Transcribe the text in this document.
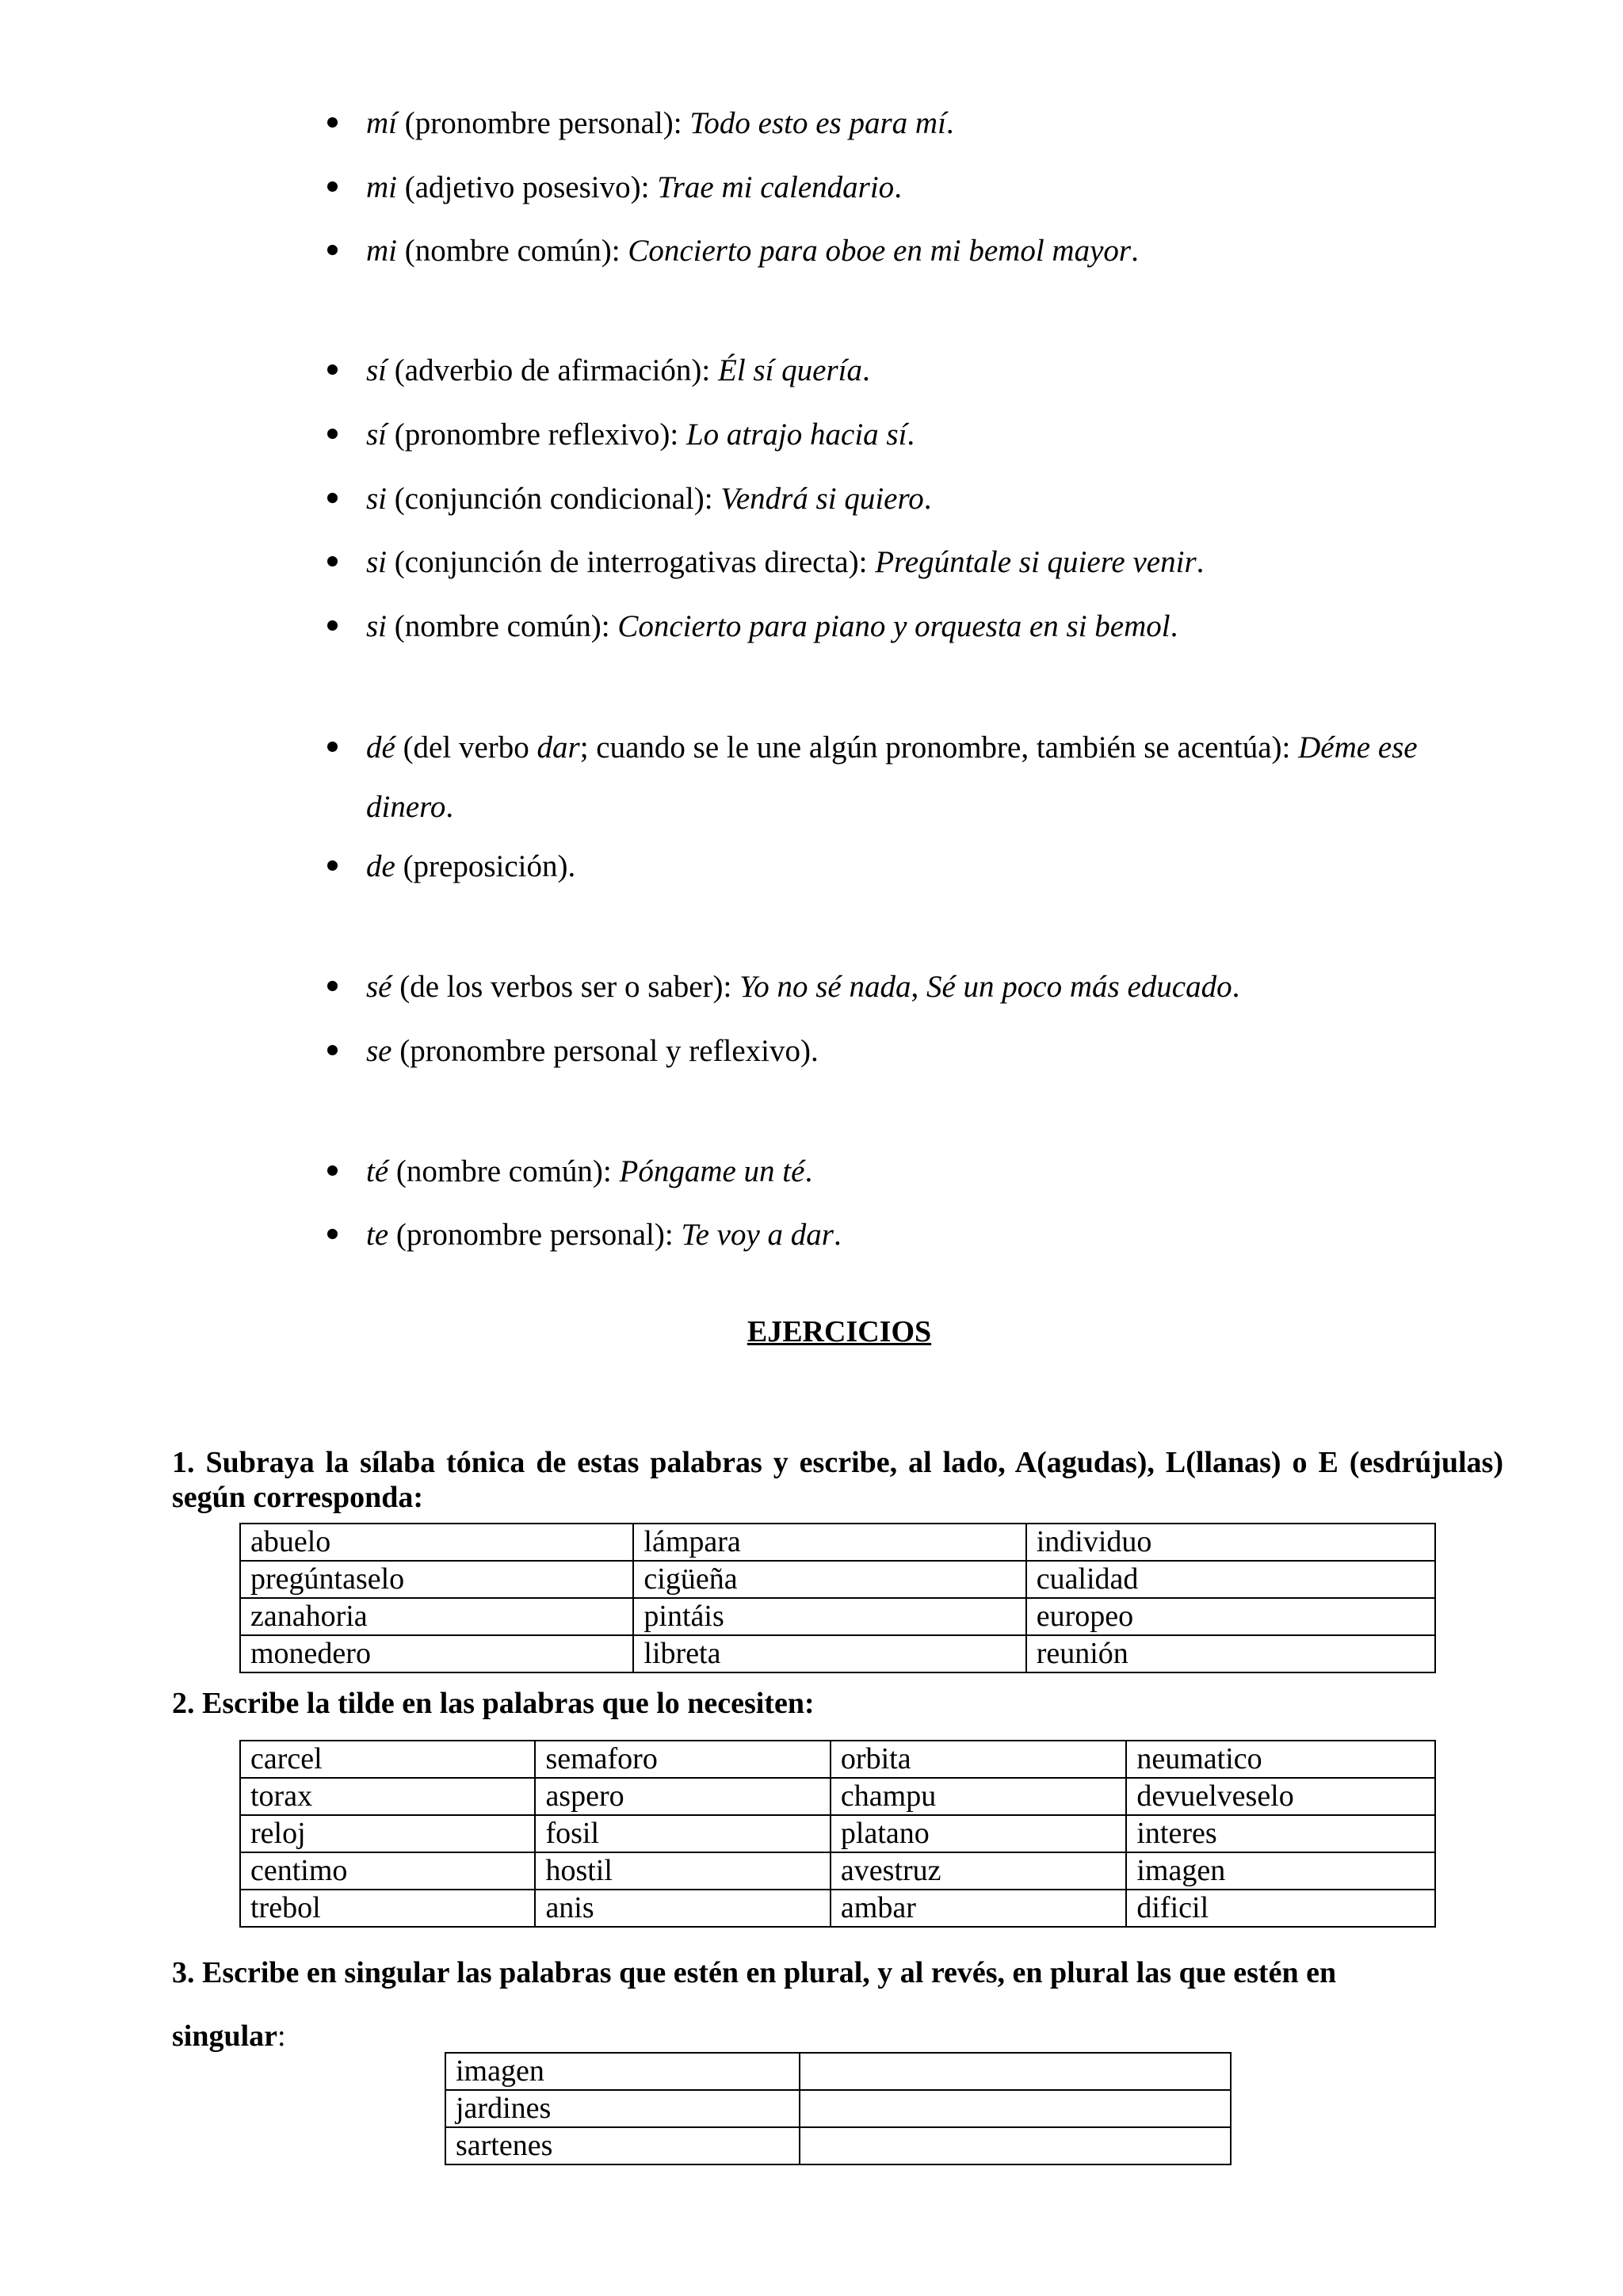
mí (pronombre personal): Todo esto es para mí.
mi (adjetivo posesivo): Trae mi calendario.
mi (nombre común): Concierto para oboe en mi bemol mayor.
sí (adverbio de afirmación): Él sí quería.
sí (pronombre reflexivo): Lo atrajo hacia sí.
si (conjunción condicional): Vendrá si quiero.
si (conjunción de interrogativas directa): Pregúntale si quiere venir.
si (nombre común): Concierto para piano y orquesta en si bemol.
dé (del verbo dar; cuando se le une algún pronombre, también se acentúa): Déme ese
dinero.
de (preposición).
sé (de los verbos ser o saber): Yo no sé nada, Sé un poco más educado.
se (pronombre personal y reflexivo).
té (nombre común): Póngame un té.
te (pronombre personal): Te voy a dar.
EJERCICIOS
1. Subraya la sílaba tónica de estas palabras y escribe, al lado, A(agudas), L(llanas) o E (esdrújulas) según corresponda:
abuelo	lámpara	individuo
pregúntaselo	cigüeña	cualidad
zanahoria	pintáis	europeo
monedero	libreta	reunión
2. Escribe la tilde en las palabras que lo necesiten:
carcel	semaforo	orbita	neumatico
torax	aspero	champu	devuelveselo
reloj	fosil	platano	interes
centimo	hostil	avestruz	imagen
trebol	anis	ambar	dificil
3. Escribe en singular las palabras que estén en plural, y al revés, en plural las que estén en
singular:
imagen	
jardines	
sartenes	
